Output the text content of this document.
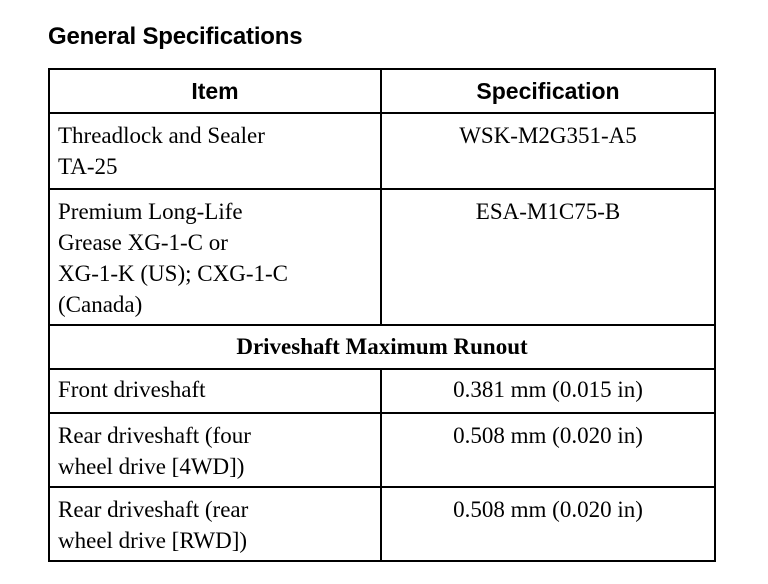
General Specifications
Item	Specification

Threadlock and Sealer
TA-25	WSK-M2G351-A5

Premium Long-Life
Grease XG-1-C or
XG-1-K (US); CXG-1-C
(Canada)	ESA-M1C75-B

Driveshaft Maximum Runout	

Front driveshaft	0.381 mm (0.015 in)

Rear driveshaft (four
wheel drive [4WD])	0.508 mm (0.020 in)

Rear driveshaft (rear
wheel drive [RWD])	0.508 mm (0.020 in)
